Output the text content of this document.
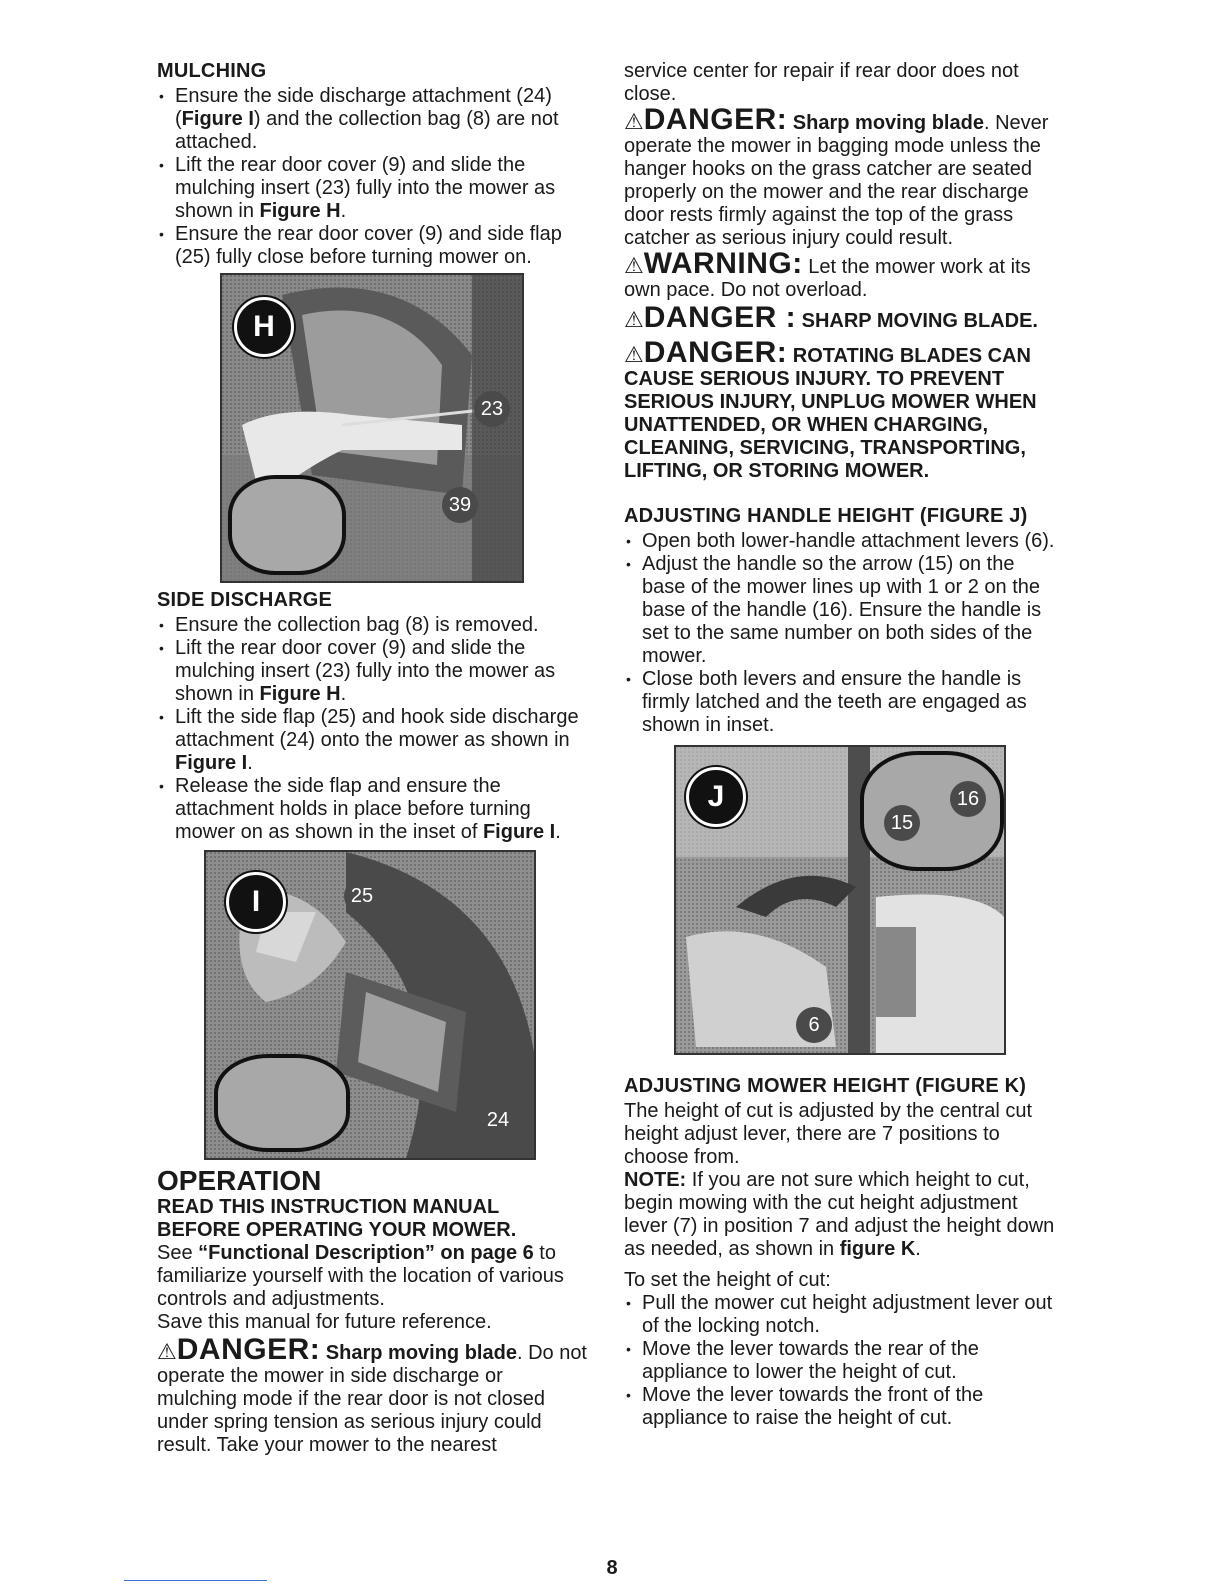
MULCHING
• Ensure the side discharge attachment (24) (Figure I) and the collection bag (8) are not attached.
• Lift the rear door cover (9) and slide the mulching insert (23) fully into the mower as shown in Figure H.
• Ensure the rear door cover (9) and side flap (25) fully close before turning mower on.
H
23
39
SIDE DISCHARGE
• Ensure the collection bag (8) is removed.
• Lift the rear door cover (9) and slide the mulching insert (23) fully into the mower as shown in Figure H.
• Lift the side flap (25) and hook side discharge attachment (24) onto the mower as shown in Figure I.
• Release the side flap and ensure the attachment holds in place before turning mower on as shown in the inset of Figure I.
I	25
24
OPERATION
READ THIS INSTRUCTION MANUAL
BEFORE OPERATING YOUR MOWER.

See “Functional Description” on page 6 to familiarize yourself with the location of various controls and adjustments.

Save this manual for future reference.

⚠DANGER: Sharp moving blade. Do not operate the mower in side discharge or mulching mode if the rear door is not closed under spring tension as serious injury could result. Take your mower to the nearest

service center for repair if rear door does not close.

⚠DANGER: Sharp moving blade. Never operate the mower in bagging mode unless the hanger hooks on the grass catcher are seated properly on the mower and the rear discharge door rests firmly against the top of the grass catcher as serious injury could result.

⚠WARNING: Let the mower work at its own pace. Do not overload.

⚠DANGER : SHARP MOVING BLADE.

⚠DANGER: ROTATING BLADES CAN CAUSE SERIOUS INJURY. TO PREVENT SERIOUS INJURY, UNPLUG MOWER WHEN UNATTENDED, OR WHEN CHARGING, CLEANING, SERVICING, TRANSPORTING, LIFTING, OR STORING MOWER.

ADJUSTING HANDLE HEIGHT (FIGURE J)
• Open both lower-handle attachment levers (6).
• Adjust the handle so the arrow (15) on the base of the mower lines up with 1 or 2 on the base of the handle (16). Ensure the handle is set to the same number on both sides of the mower.
• Close both levers and ensure the handle is firmly latched and the teeth are engaged as shown in inset.
J	16
15
6
ADJUSTING MOWER HEIGHT (FIGURE K)

The height of cut is adjusted by the central cut height adjust lever, there are 7 positions to choose from.

NOTE: If you are not sure which height to cut, begin mowing with the cut height adjustment lever (7) in position 7 and adjust the height down as needed, as shown in figure K.

To set the height of cut:

• Pull the mower cut height adjustment lever out of the locking notch.
• Move the lever towards the rear of the appliance to lower the height of cut.
• Move the lever towards the front of the appliance to raise the height of cut.
8
